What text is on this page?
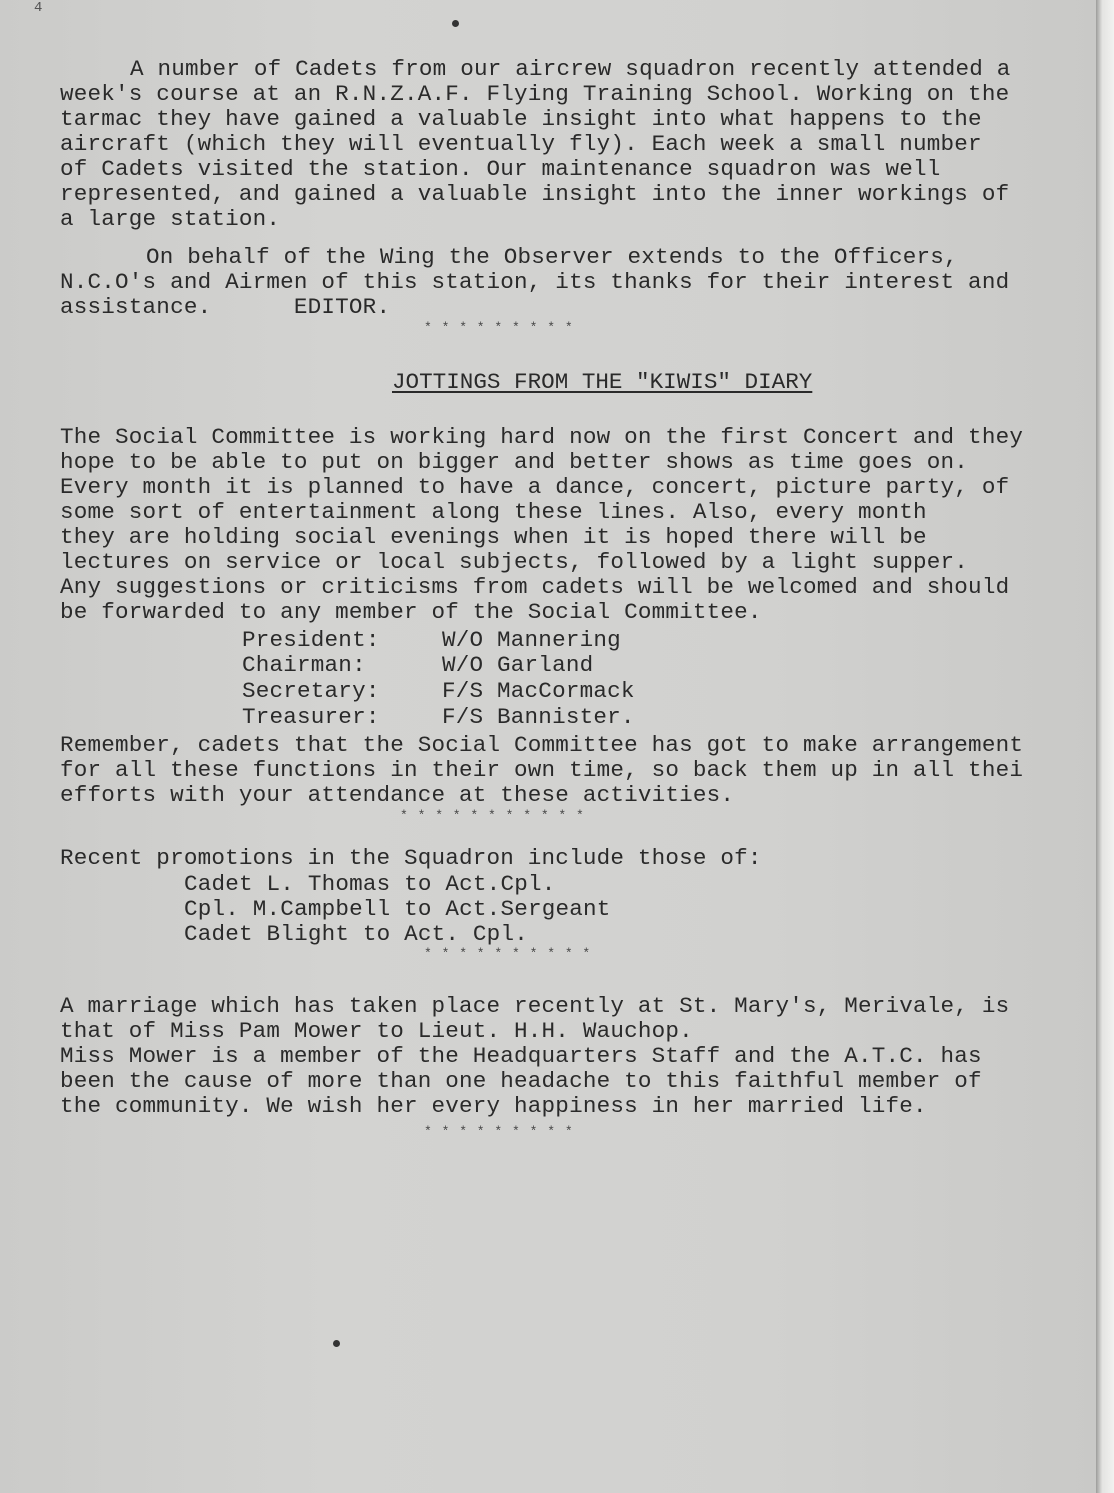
4
A number of Cadets from our aircrew squadron recently attended a
week's course at an R.N.Z.A.F. Flying Training School. Working on the
tarmac they have gained a valuable insight into what happens to the
aircraft (which they will eventually fly). Each week a small number
of Cadets visited the station. Our maintenance squadron was well
represented, and gained a valuable insight into the inner workings of
a large station.
On behalf of the Wing the Observer extends to the Officers,
N.C.O's and Airmen of this station, its thanks for their interest and
assistance.      EDITOR.
* * * * * * * * *
JOTTINGS FROM THE "KIWIS" DIARY
The Social Committee is working hard now on the first Concert and they
hope to be able to put on bigger and better shows as time goes on.
Every month it is planned to have a dance, concert, picture party, of
some sort of entertainment along these lines. Also, every month
they are holding social evenings when it is hoped there will be
lectures on service or local subjects, followed by a light supper.
Any suggestions or criticisms from cadets will be welcomed and should
be forwarded to any member of the Social Committee.
President:	W/O Mannering
Chairman:	W/O Garland
Secretary:	F/S MacCormack
Treasurer:	F/S Bannister.
Remember, cadets that the Social Committee has got to make arrangement
for all these functions in their own time, so back them up in all thei
efforts with your attendance at these activities.
* * * * * * * * * * *
Recent promotions in the Squadron include those of:
Cadet L. Thomas to Act.Cpl.
Cpl. M.Campbell to Act.Sergeant
Cadet Blight to Act. Cpl.
* * * * * * * * * *
A marriage which has taken place recently at St. Mary's, Merivale, is
that of Miss Pam Mower to Lieut. H.H. Wauchop.
Miss Mower is a member of the Headquarters Staff and the A.T.C. has
been the cause of more than one headache to this faithful member of
the community. We wish her every happiness in her married life.
* * * * * * * * *
